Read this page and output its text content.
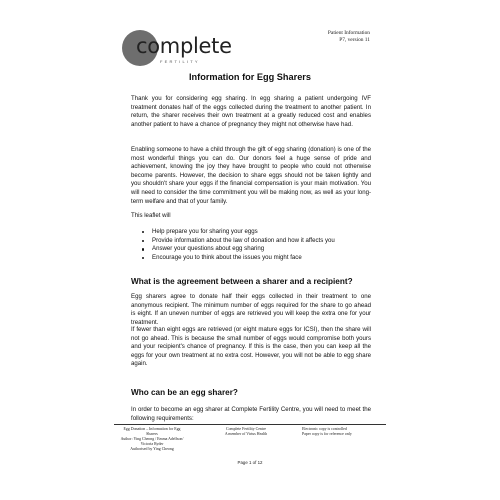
complete
FERTILITY
Patient Information
P7, version 11
Information for Egg Sharers

Thank you for considering egg sharing. In egg sharing a patient undergoing IVF treatment donates half of the eggs collected during the treatment to another patient. In return, the sharer receives their own treatment at a greatly reduced cost and enables another patient to have a chance of pregnancy they might not otherwise have had.

Enabling someone to have a child through the gift of egg sharing (donation) is one of the most wonderful things you can do. Our donors feel a huge sense of pride and achievement, knowing the joy they have brought to people who could not otherwise become parents. However, the decision to share eggs should not be taken lightly and you shouldn't share your eggs if the financial compensation is your main motivation. You will need to consider the time commitment you will be making now, as well as your long-term welfare and that of your family.

This leaflet will

Help prepare you for sharing your eggs
Provide information about the law of donation and how it affects you
Answer your questions about egg sharing
Encourage you to think about the issues you might face
What is the agreement between a sharer and a recipient?

Egg sharers agree to donate half their eggs collected in their treatment to one anonymous recipient. The minimum number of eggs required for the share to go ahead is eight. If an uneven number of eggs are retrieved you will keep the extra one for your treatment.

If fewer than eight eggs are retrieved (or eight mature eggs for ICSI), then the share will not go ahead. This is because the small number of eggs would compromise both yours and your recipient's chance of pregnancy. If this is the case, then you can keep all the eggs for your own treatment at no extra cost. However, you will not be able to egg share again.

Who can be an egg sharer?

In order to become an egg sharer at Complete Fertility Centre, you will need to meet the following requirements:

Egg Donation – Information for Egg
Sharers
Author: Ying Cheong / Emma Adelfson/
Victoria Ryder
Authorised by Ying Cheong
Complete Fertility Centre
A member of Virtus Health
Electronic copy is controlled
Paper copy is for reference only
Page 1 of 12
